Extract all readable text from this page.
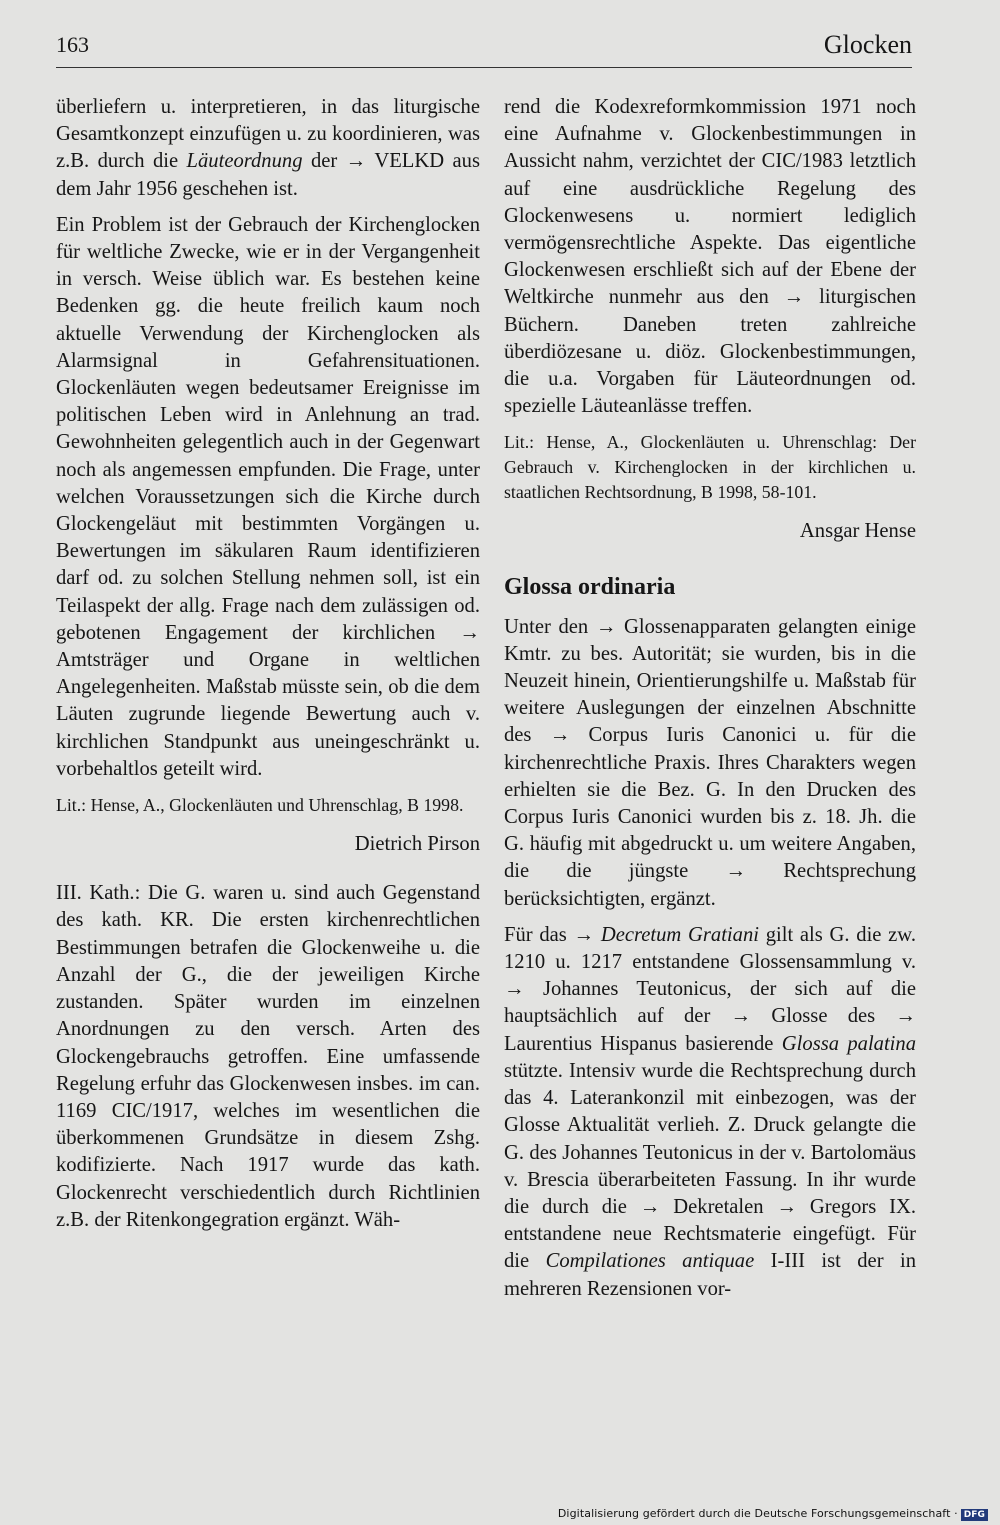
163	Glocken

überliefern u. interpretieren, in das liturgische Gesamtkonzept einzufügen u. zu koordinieren, was z.B. durch die Läuteordnung der → VELKD aus dem Jahr 1956 geschehen ist.

Ein Problem ist der Gebrauch der Kirchenglocken für weltliche Zwecke, wie er in der Vergangenheit in versch. Weise üblich war. Es bestehen keine Bedenken gg. die heute freilich kaum noch aktuelle Verwendung der Kirchenglocken als Alarmsignal in Gefahrensituationen. Glockenläuten wegen bedeutsamer Ereignisse im politischen Leben wird in Anlehnung an trad. Gewohnheiten gelegentlich auch in der Gegenwart noch als angemessen empfunden. Die Frage, unter welchen Voraussetzungen sich die Kirche durch Glockengeläut mit bestimmten Vorgängen u. Bewertungen im säkularen Raum identifizieren darf od. zu solchen Stellung nehmen soll, ist ein Teilaspekt der allg. Frage nach dem zulässigen od. gebotenen Engagement der kirchlichen → Amtsträger und Organe in weltlichen Angelegenheiten. Maßstab müsste sein, ob die dem Läuten zugrunde liegende Bewertung auch v. kirchlichen Standpunkt aus uneingeschränkt u. vorbehaltlos geteilt wird.

Lit.: Hense, A., Glockenläuten und Uhrenschlag, B 1998.

Dietrich Pirson

III. Kath.: Die G. waren u. sind auch Gegenstand des kath. KR. Die ersten kirchenrechtlichen Bestimmungen betrafen die Glockenweihe u. die Anzahl der G., die der jeweiligen Kirche zustanden. Später wurden im einzelnen Anordnungen zu den versch. Arten des Glockengebrauchs getroffen. Eine umfassende Regelung erfuhr das Glockenwesen insbes. im can. 1169 CIC/1917, welches im wesentlichen die überkommenen Grundsätze in diesem Zshg. kodifizierte. Nach 1917 wurde das kath. Glockenrecht verschiedentlich durch Richtlinien z.B. der Ritenkongegration ergänzt. Wäh-

rend die Kodexreformkommission 1971 noch eine Aufnahme v. Glockenbestimmungen in Aussicht nahm, verzichtet der CIC/1983 letztlich auf eine ausdrückliche Regelung des Glockenwesens u. normiert lediglich vermögensrechtliche Aspekte. Das eigentliche Glockenwesen erschließt sich auf der Ebene der Weltkirche nunmehr aus den → liturgischen Büchern. Daneben treten zahlreiche überdiözesane u. diöz. Glockenbestimmungen, die u.a. Vorgaben für Läuteordnungen od. spezielle Läuteanlässe treffen.

Lit.: Hense, A., Glockenläuten u. Uhrenschlag: Der Gebrauch v. Kirchenglocken in der kirchlichen u. staatlichen Rechtsordnung, B 1998, 58-101.

Ansgar Hense

Glossa ordinaria

Unter den → Glossenapparaten gelangten einige Kmtr. zu bes. Autorität; sie wurden, bis in die Neuzeit hinein, Orientierungshilfe u. Maßstab für weitere Auslegungen der einzelnen Abschnitte des → Corpus Iuris Canonici u. für die kirchenrechtliche Praxis. Ihres Charakters wegen erhielten sie die Bez. G. In den Drucken des Corpus Iuris Canonici wurden bis z. 18. Jh. die G. häufig mit abgedruckt u. um weitere Angaben, die die jüngste → Rechtsprechung berücksichtigten, ergänzt.

Für das → Decretum Gratiani gilt als G. die zw. 1210 u. 1217 entstandene Glossensammlung v. → Johannes Teutonicus, der sich auf die hauptsächlich auf der → Glosse des → Laurentius Hispanus basierende Glossa palatina stützte. Intensiv wurde die Rechtsprechung durch das 4. Laterankonzil mit einbezogen, was der Glosse Aktualität verlieh. Z. Druck gelangte die G. des Johannes Teutonicus in der v. Bartolomäus v. Brescia überarbeiteten Fassung. In ihr wurde die durch die → Dekretalen → Gregors IX. entstandene neue Rechtsmaterie eingefügt. Für die Compilationes antiquae I-III ist der in mehreren Rezensionen vor-

Digitalisierung gefördert durch die Deutsche Forschungsgemeinschaft · DFG
